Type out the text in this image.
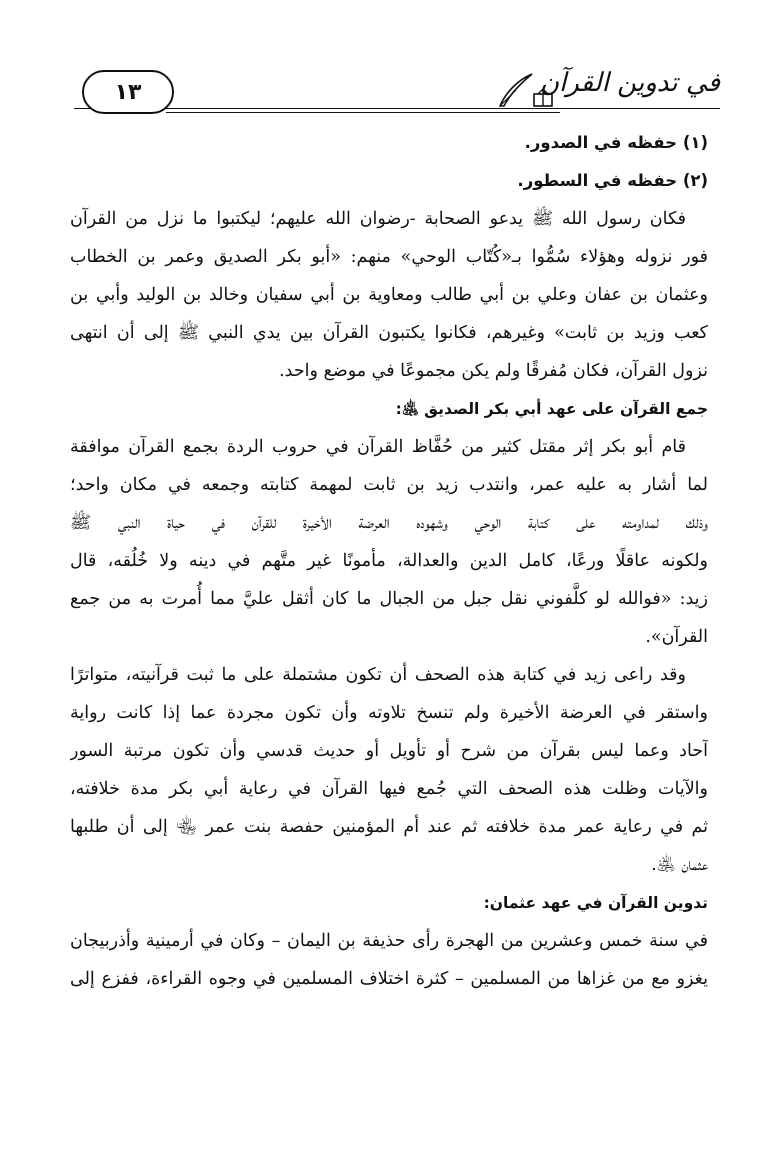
في تدوين القرآن
١٣
(١) حفظه في الصدور.
(٢) حفظه في السطور.
فكان رسول الله ﷺ يدعو الصحابة -رضوان الله عليهم؛ ليكتبوا ما نزل من القرآن
فور نزوله وهؤلاء سُمُّوا بـ«كُتّاب الوحي» منهم: «أبو بكر الصديق وعمر بن الخطاب
وعثمان بن عفان وعلي بن أبي طالب ومعاوية بن أبي سفيان وخالد بن الوليد وأبي بن
كعب وزيد بن ثابت» وغيرهم، فكانوا يكتبون القرآن بين يدي النبي ﷺ إلى أن انتهى
نزول القرآن، فكان مُفرقًا ولم يكن مجموعًا في موضع واحد.
جمع القرآن على عهد أبي بكر الصديق ﵁:
قام أبو بكر إثر مقتل كثير من حُفَّاظ القرآن في حروب الردة بجمع القرآن موافقة
لما أشار به عليه عمر، وانتدب زيد بن ثابت لمهمة كتابته وجمعه في مكان واحد؛
وذلك لمداومته على كتابة الوحي وشهوده العرضة الأخيرة للقرآن في حياة النبي ﷺ
ولكونه عاقلًا ورعًا، كامل الدين والعدالة، مأمونًا غير متَّهم في دينه ولا خُلُقه، قال
زيد: «فوالله لو كلَّفوني نقل جبل من الجبال ما كان أثقل عليَّ مما أُمرت به من جمع
القرآن».
وقد راعى زيد في كتابة هذه الصحف أن تكون مشتملة على ما ثبت قرآنيته، متواترًا
واستقر في العرضة الأخيرة ولم تنسخ تلاوته وأن تكون مجردة عما إذا كانت رواية
آحاد وعما ليس بقرآن من شرح أو تأويل أو حديث قدسي وأن تكون مرتبة السور
والآيات وظلت هذه الصحف التي جُمع فيها القرآن في رعاية أبي بكر مدة خلافته،
ثم في رعاية عمر مدة خلافته ثم عند أم المؤمنين حفصة بنت عمر ﵄ إلى أن طلبها
عثمان ﵁.
تدوين القرآن في عهد عثمان:
في سنة خمس وعشرين من الهجرة رأى حذيفة بن اليمان – وكان في أرمينية وأذربيجان
يغزو مع من غزاها من المسلمين – كثرة اختلاف المسلمين في وجوه القراءة، ففزع إلى
